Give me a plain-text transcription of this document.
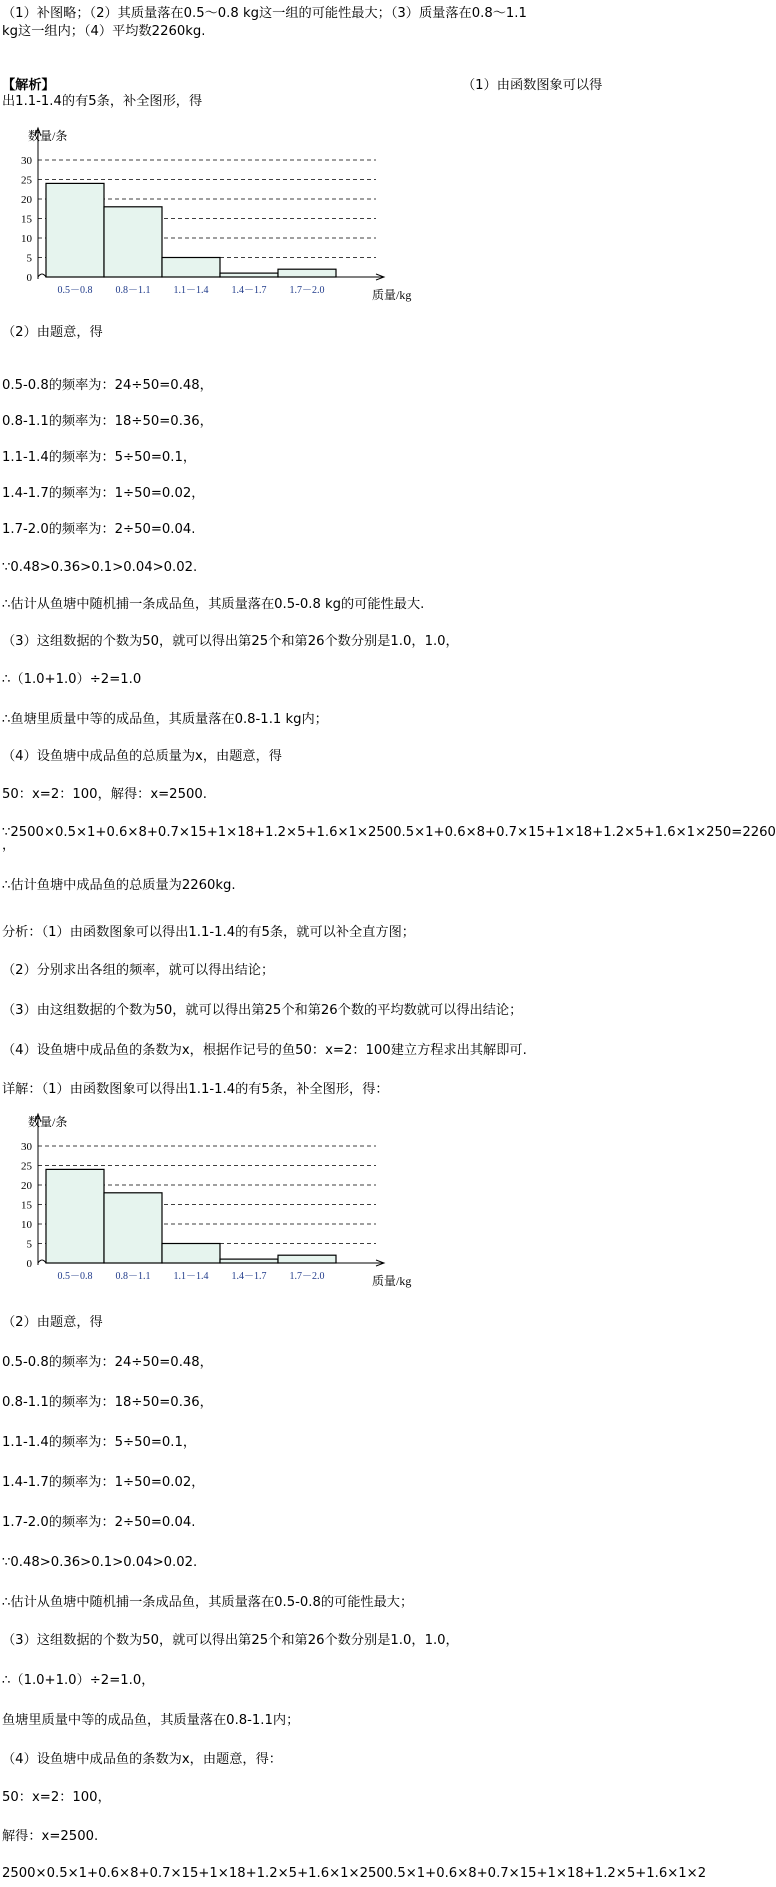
（1）补图略；（2）其质量落在0.5～0.8 kg这一组的可能性最大；（3）质量落在0.8～1.1
kg这一组内；（4）平均数2260kg.
【解析】	（1）由函数图象可以得
出1.1-1.4的有5条，补全图形，得
数量/条
质量/kg
0
5
10
15
20
25
30
0.5－0.8 0.8－1.1 1.1－1.4 1.4－1.7 1.7－2.0
（2）由题意，得
0.5-0.8的频率为：24÷50=0.48，
0.8-1.1的频率为：18÷50=0.36，
1.1-1.4的频率为：5÷50=0.1，
1.4-1.7的频率为：1÷50=0.02，
1.7-2.0的频率为：2÷50=0.04.
∵0.48>0.36>0.1>0.04>0.02.
∴估计从鱼塘中随机捕一条成品鱼，其质量落在0.5-0.8 kg的可能性最大.
（3）这组数据的个数为50，就可以得出第25个和第26个数分别是1.0，1.0，
∴（1.0+1.0）÷2=1.0
∴鱼塘里质量中等的成品鱼，其质量落在0.8-1.1 kg内；
（4）设鱼塘中成品鱼的总质量为x，由题意，得
50：x=2：100，解得：x=2500.
∵2500×0.5×1+0.6×8+0.7×15+1×18+1.2×5+1.6×1×2500.5×1+0.6×8+0.7×15+1×18+1.2×5+1.6×1×250=2260
，
∴估计鱼塘中成品鱼的总质量为2260kg.
分析：（1）由函数图象可以得出1.1-1.4的有5条，就可以补全直方图；
（2）分别求出各组的频率，就可以得出结论；
（3）由这组数据的个数为50，就可以得出第25个和第26个数的平均数就可以得出结论；
（4）设鱼塘中成品鱼的条数为x，根据作记号的鱼50：x=2：100建立方程求出其解即可.
详解：（1）由函数图象可以得出1.1-1.4的有5条，补全图形，得：
数量/条
质量/kg
0
5
10
15
20
25
30
0.5－0.8 0.8－1.1 1.1－1.4 1.4－1.7 1.7－2.0
（2）由题意，得
0.5-0.8的频率为：24÷50=0.48，
0.8-1.1的频率为：18÷50=0.36，
1.1-1.4的频率为：5÷50=0.1，
1.4-1.7的频率为：1÷50=0.02，
1.7-2.0的频率为：2÷50=0.04.
∵0.48>0.36>0.1>0.04>0.02.
∴估计从鱼塘中随机捕一条成品鱼，其质量落在0.5-0.8的可能性最大；
（3）这组数据的个数为50，就可以得出第25个和第26个数分别是1.0，1.0，
∴（1.0+1.0）÷2=1.0，
鱼塘里质量中等的成品鱼，其质量落在0.8-1.1内；
（4）设鱼塘中成品鱼的条数为x，由题意，得：
50：x=2：100，
解得：x=2500.
2500×0.5×1+0.6×8+0.7×15+1×18+1.2×5+1.6×1×2500.5×1+0.6×8+0.7×15+1×18+1.2×5+1.6×1×2
